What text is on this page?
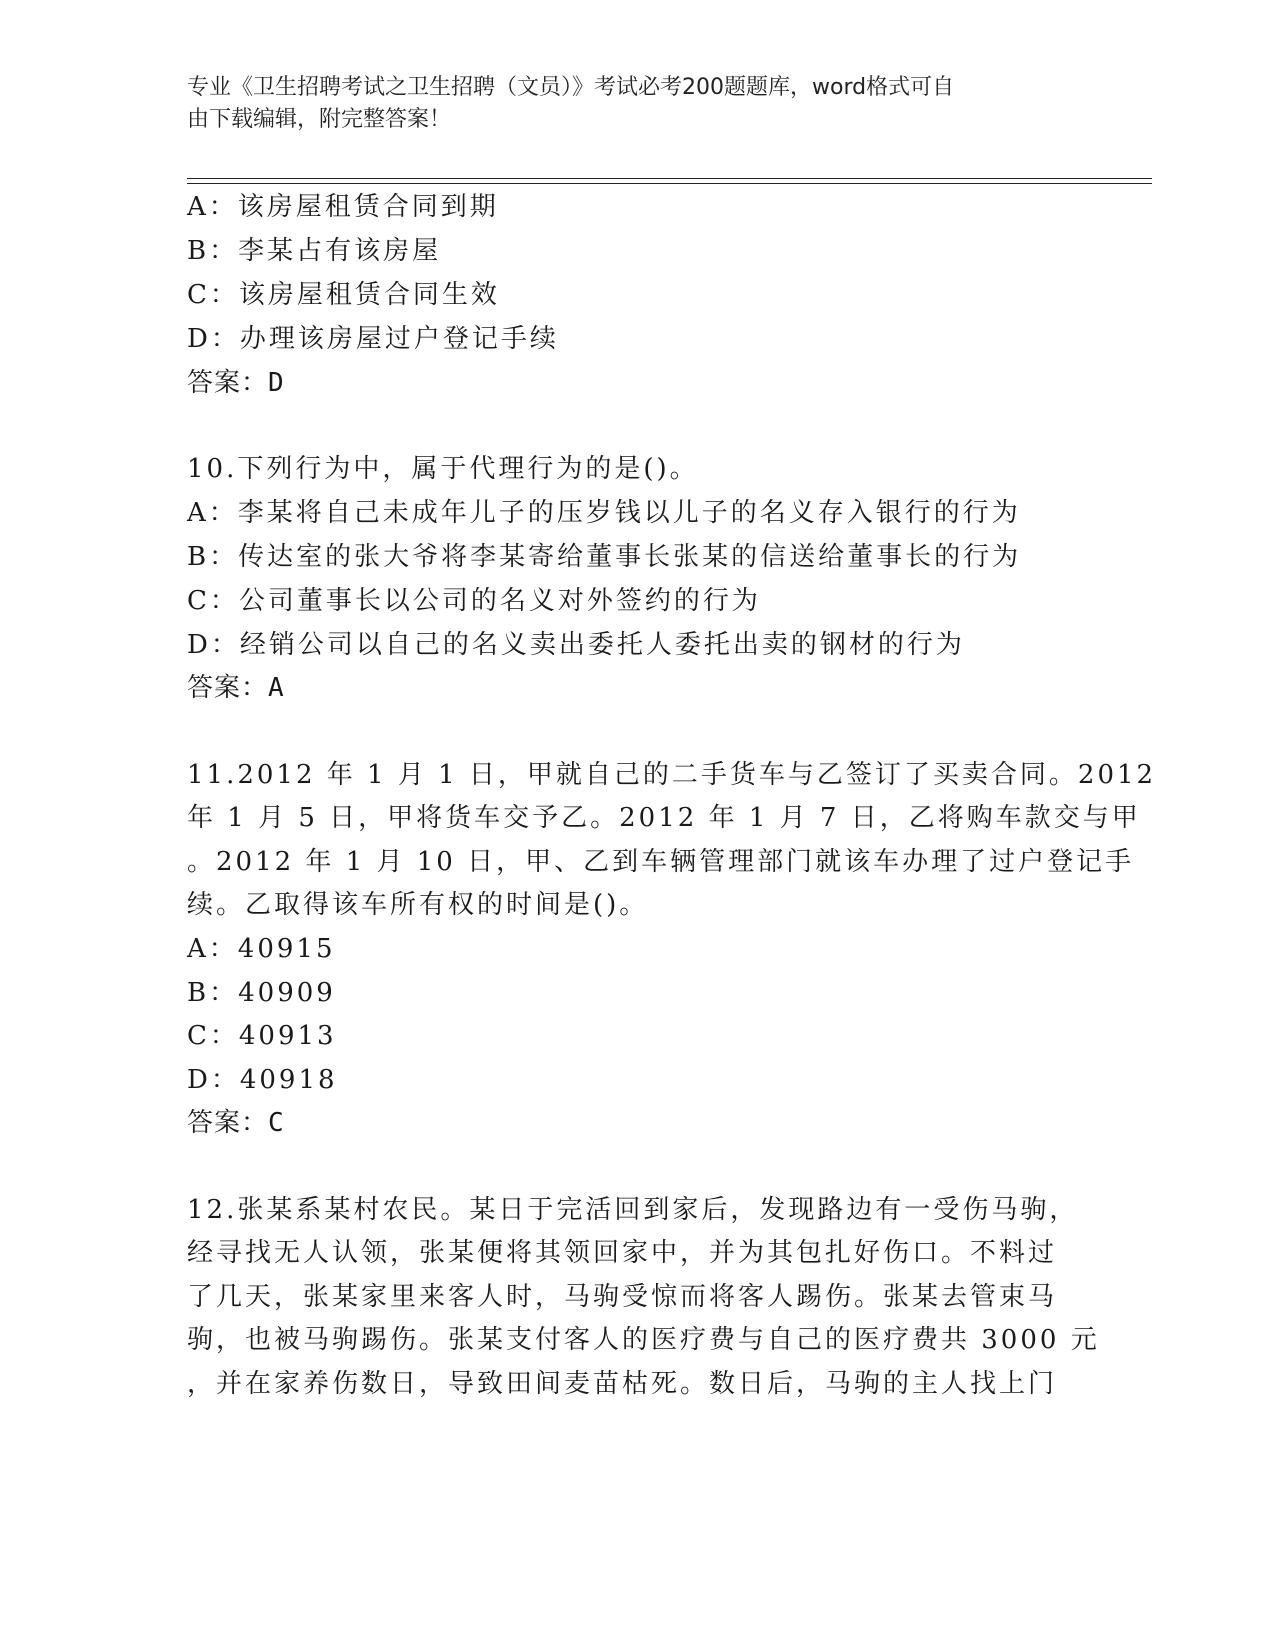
专业《卫生招聘考试之卫生招聘（文员）》考试必考200题题库，word格式可自
由下载编辑，附完整答案！
A：该房屋租赁合同到期
B：李某占有该房屋
C：该房屋租赁合同生效
D：办理该房屋过户登记手续
答案：D
10.下列行为中，属于代理行为的是()。
A：李某将自己未成年儿子的压岁钱以儿子的名义存入银行的行为
B：传达室的张大爷将李某寄给董事长张某的信送给董事长的行为
C：公司董事长以公司的名义对外签约的行为
D：经销公司以自己的名义卖出委托人委托出卖的钢材的行为
答案：A
11.2012 年 1 月 1 日，甲就自己的二手货车与乙签订了买卖合同。2012
年 1 月 5 日，甲将货车交予乙。2012 年 1 月 7 日，乙将购车款交与甲
。2012 年 1 月 10 日，甲、乙到车辆管理部门就该车办理了过户登记手
续。乙取得该车所有权的时间是()。
A：40915
B：40909
C：40913
D：40918
答案：C
12.张某系某村农民。某日于完活回到家后，发现路边有一受伤马驹，
经寻找无人认领，张某便将其领回家中，并为其包扎好伤口。不料过
了几天，张某家里来客人时，马驹受惊而将客人踢伤。张某去管束马
驹，也被马驹踢伤。张某支付客人的医疗费与自己的医疗费共 3000 元
，并在家养伤数日，导致田间麦苗枯死。数日后，马驹的主人找上门
